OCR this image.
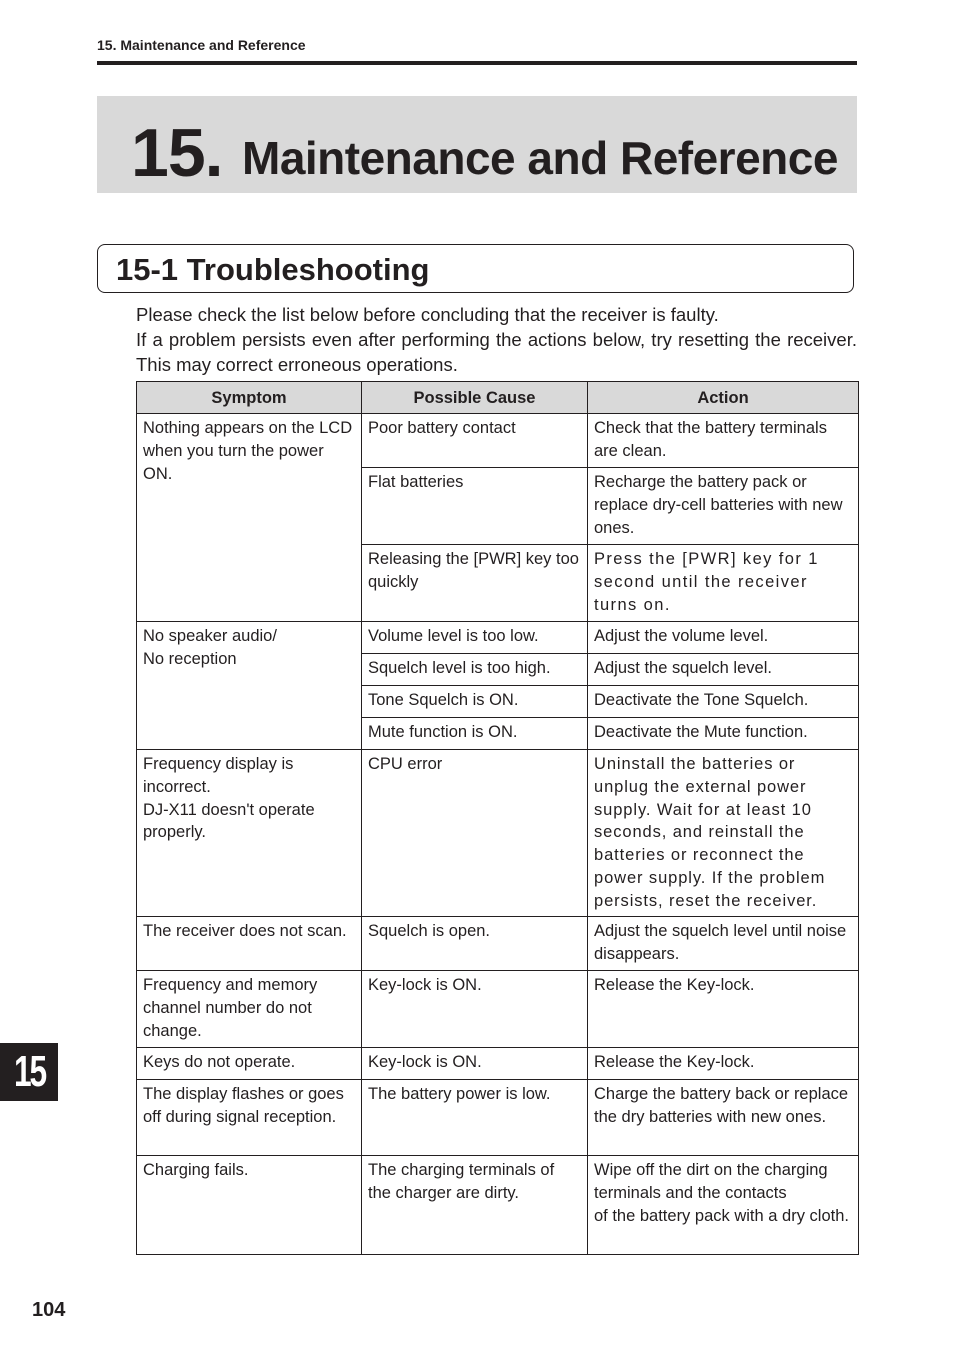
15. Maintenance and Reference
15. Maintenance and Reference
15-1 Troubleshooting

Please check the list below before concluding that the receiver is faulty.

If a problem persists even after performing the actions below, try resetting the receiver. This may correct erroneous operations.

Symptom	Possible Cause	Action
Nothing appears on the LCD when you turn the power ON.	Poor battery contact	Check that the battery terminals are clean.
	Flat batteries	Recharge the battery pack or replace dry-cell batteries with new ones.
	Releasing the [PWR] key too quickly	Press the [PWR] key for 1 second until the receiver turns on.

No speaker audio/
No reception	Volume level is too low.	Adjust the volume level.
	Squelch level is too high.	Adjust the squelch level.
	Tone Squelch is ON.	Deactivate the Tone Squelch.
	Mute function is ON.	Deactivate the Mute function.

Frequency display is incorrect.
DJ-X11 doesn't operate properly.	CPU error	Uninstall the batteries or unplug the external power supply. Wait for at least 10 seconds, and reinstall the batteries or reconnect the power supply. If the problem persists, reset the receiver.
The receiver does not scan.	Squelch is open.	Adjust the squelch level until noise disappears.
Frequency and memory channel number do not change.	Key-lock is ON.	Release the Key-lock.
Keys do not operate.	Key-lock is ON.	Release the Key-lock.
The display flashes or goes off during signal reception.	The battery power is low.	Charge the battery back or replace the dry batteries with new ones.
Charging fails.	The charging terminals of the charger are dirty.	Wipe off the dirt on the charging terminals and the contacts
of the battery pack with a dry cloth.
15
104
